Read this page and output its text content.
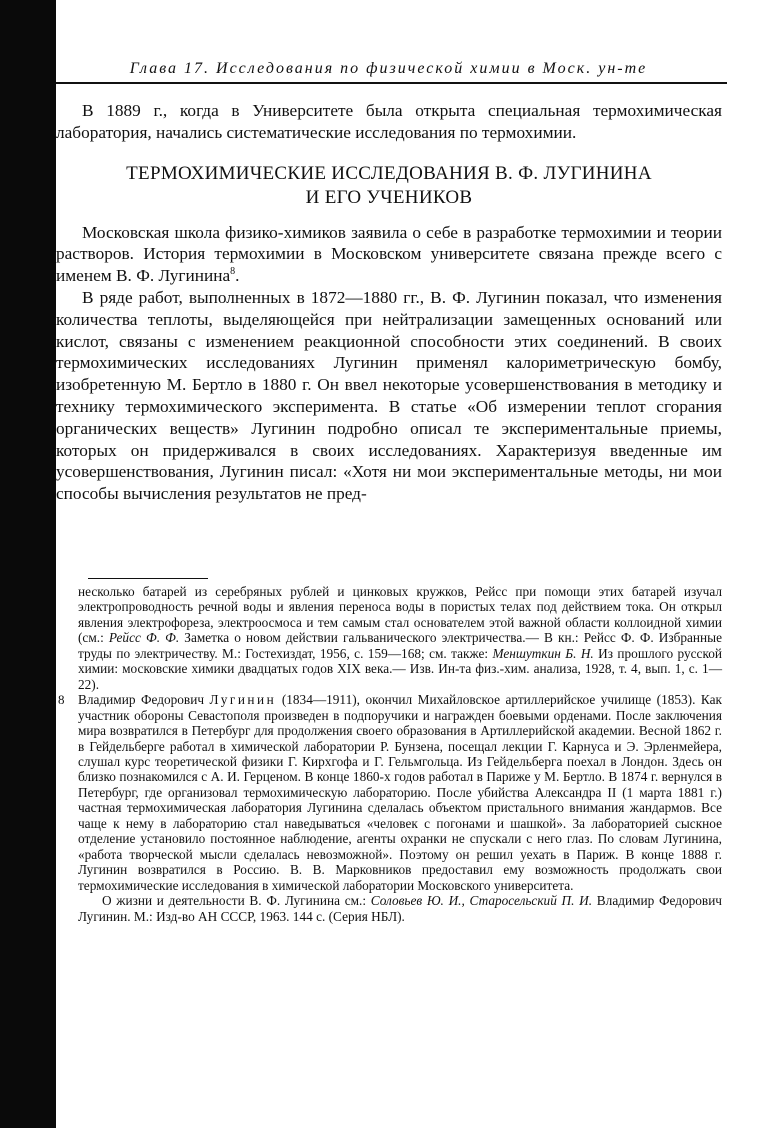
Глава 17. Исследования по физической химии в Моск. ун-те

В 1889 г., когда в Университете была открыта специальная термохимическая лаборатория, начались систематические исследования по термохимии.

ТЕРМОХИМИЧЕСКИЕ ИССЛЕДОВАНИЯ В. Ф. ЛУГИНИНА
И ЕГО УЧЕНИКОВ

Московская школа физико-химиков заявила о себе в разработке термохимии и теории растворов. История термохимии в Московском университете связана прежде всего с именем В. Ф. Лугинина$^8$.

В ряде работ, выполненных в 1872—1880 гг., В. Ф. Лугинин показал, что изменения количества теплоты, выделяющейся при нейтрализации замещенных оснований или кислот, связаны с изменением реакционной способности этих соединений. В своих термохимических исследованиях Лугинин применял калориметрическую бомбу, изобретенную М. Бертло в 1880 г. Он ввел некоторые усовершенствования в методику и технику термохимического эксперимента. В статье «Об измерении теплот сгорания органических веществ» Лугинин подробно описал те экспериментальные приемы, которых он придерживался в своих исследованиях. Характеризуя введенные им усовершенствования, Лугинин писал: «Хотя ни мои экспериментальные методы, ни мои способы вычисления результатов не пред-

несколько батарей из серебряных рублей и цинковых кружков, Рейсс при помощи этих батарей изучал электропроводность речной воды и явления переноса воды в пористых телах под действием тока. Он открыл явления электрофореза, электроосмоса и тем самым стал основателем этой важной области коллоидной химии (см.: Рейсс Ф. Ф. Заметка о новом действии гальванического электричества.— В кн.: Рейсс Ф. Ф. Избранные труды по электричеству. М.: Гостехиздат, 1956, с. 159—168; см. также: Меншуткин Б. Н. Из прошлого русской химии: московские химики двадцатых годов XIX века.— Изв. Ин-та физ.-хим. анализа, 1928, т. 4, вып. 1, с. 1—22).

8 Владимир Федорович Лугинин (1834—1911), окончил Михайловское артиллерийское училище (1853). Как участник обороны Севастополя произведен в подпоручики и награжден боевыми орденами. После заключения мира возвратился в Петербург для продолжения своего образования в Артиллерийской академии. Весной 1862 г. в Гейдельберге работал в химической лаборатории Р. Бунзена, посещал лекции Г. Карнуса и Э. Эрленмейера, слушал курс теоретической физики Г. Кирхгофа и Г. Гельмгольца. Из Гейдельберга поехал в Лондон. Здесь он близко познакомился с А. И. Герценом. В конце 1860-х годов работал в Париже у М. Бертло. В 1874 г. вернулся в Петербург, где организовал термохимическую лабораторию. После убийства Александра II (1 марта 1881 г.) частная термохимическая лаборатория Лугинина сделалась объектом пристального внимания жандармов. Все чаще к нему в лабораторию стал наведываться «человек с погонами и шашкой». За лабораторией сыскное отделение установило постоянное наблюдение, агенты охранки не спускали с него глаз. По словам Лугинина, «работа творческой мысли сделалась невозможной». Поэтому он решил уехать в Париж. В конце 1888 г. Лугинин возвратился в Россию. В. В. Марковников предоставил ему возможность продолжать свои термохимические исследования в химической лаборатории Московского университета.

О жизни и деятельности В. Ф. Лугинина см.: Соловьев Ю. И., Старосельский П. И. Владимир Федорович Лугинин. М.: Изд-во АН СССР, 1963. 144 с. (Серия НБЛ).
